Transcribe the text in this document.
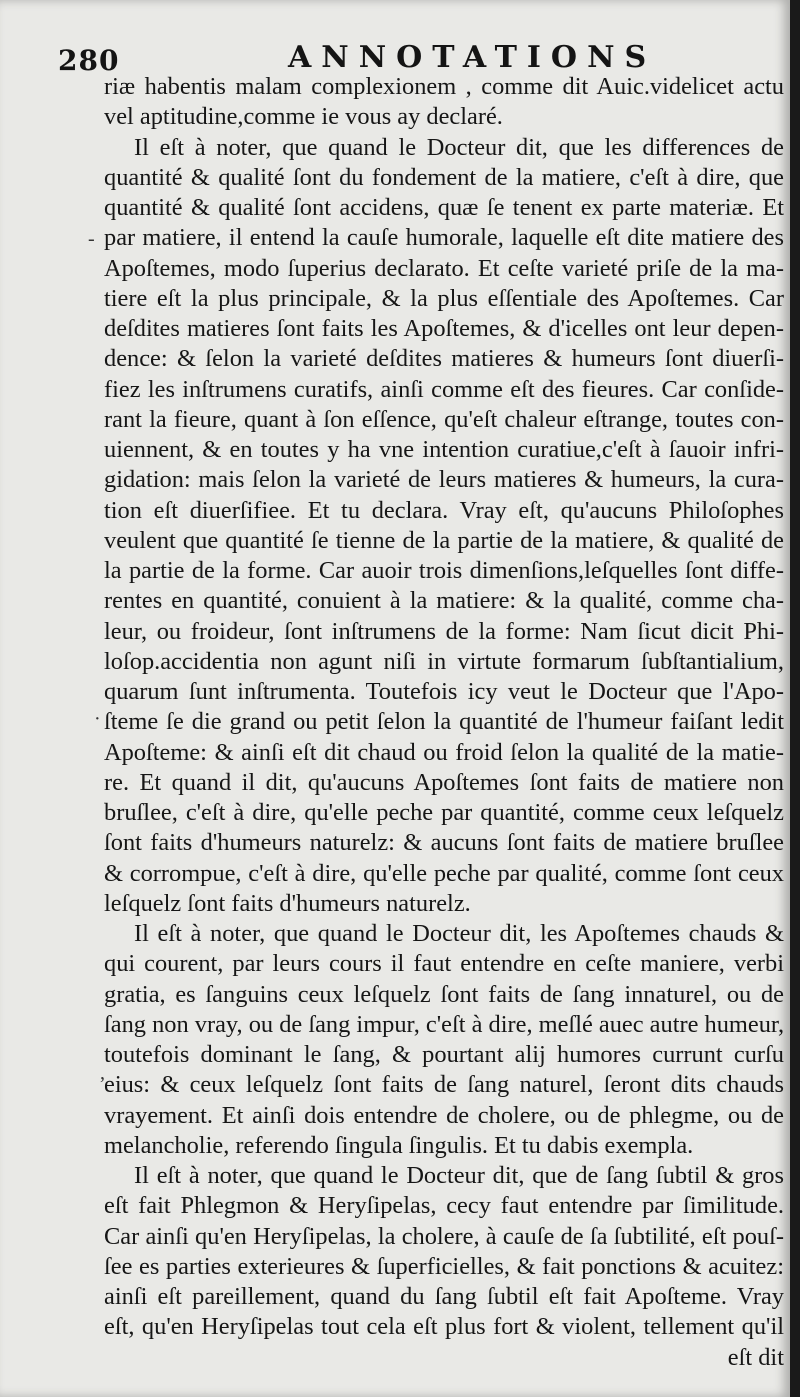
280	ANNOTATIONS
riæ habentis malam complexionem , comme dit Auic.videlicet actu
vel aptitudine,comme ie vous ay declaré.
Il eſt à noter, que quand le Docteur dit, que les differences de
quantité & qualité ſont du fondement de la matiere, c'eſt à dire, que
quantité & qualité ſont accidens, quæ ſe tenent ex parte materiæ. Et
par matiere, il entend la cauſe humorale, laquelle eſt dite matiere des
Apoſtemes, modo ſuperius declarato. Et ceſte varieté priſe de la ma-
tiere eſt la plus principale, & la plus eſſentiale des Apoſtemes. Car
deſdites matieres ſont faits les Apoſtemes, & d'icelles ont leur depen-
dence: & ſelon la varieté deſdites matieres & humeurs ſont diuerſi-
fiez les inſtrumens curatifs, ainſi comme eſt des fieures. Car conſide-
rant la fieure, quant à ſon eſſence, qu'eſt chaleur eſtrange, toutes con-
uiennent, & en toutes y ha vne intention curatiue,c'eſt à ſauoir infri-
gidation: mais ſelon la varieté de leurs matieres & humeurs, la cura-
tion eſt diuerſifiee. Et tu declara. Vray eſt, qu'aucuns Philoſophes
veulent que quantité ſe tienne de la partie de la matiere, & qualité de
la partie de la forme. Car auoir trois dimenſions,leſquelles ſont diffe-
rentes en quantité, conuient à la matiere: & la qualité, comme cha-
leur, ou froideur, ſont inſtrumens de la forme: Nam ſicut dicit Phi-
loſop.accidentia non agunt niſi in virtute formarum ſubſtantialium,
quarum ſunt inſtrumenta. Toutefois icy veut le Docteur que l'Apo-
ſteme ſe die grand ou petit ſelon la quantité de l'humeur faiſant ledit
Apoſteme: & ainſi eſt dit chaud ou froid ſelon la qualité de la matie-
re. Et quand il dit, qu'aucuns Apoſtemes ſont faits de matiere non
bruſlee, c'eſt à dire, qu'elle peche par quantité, comme ceux leſquelz
ſont faits d'humeurs naturelz: & aucuns ſont faits de matiere bruſlee
& corrompue, c'eſt à dire, qu'elle peche par qualité, comme ſont ceux
leſquelz ſont faits d'humeurs naturelz.
Il eſt à noter, que quand le Docteur dit, les Apoſtemes chauds &
qui courent, par leurs cours il faut entendre en ceſte maniere, verbi
gratia, es ſanguins ceux leſquelz ſont faits de ſang innaturel, ou de
ſang non vray, ou de ſang impur, c'eſt à dire, meſlé auec autre humeur,
toutefois dominant le ſang, & pourtant alij humores currunt curſu
eius: & ceux leſquelz ſont faits de ſang naturel, ſeront dits chauds
vrayement. Et ainſi dois entendre de cholere, ou de phlegme, ou de
melancholie, referendo ſingula ſingulis. Et tu dabis exempla.
Il eſt à noter, que quand le Docteur dit, que de ſang ſubtil & gros
eſt fait Phlegmon & Heryſipelas, cecy faut entendre par ſimilitude.
Car ainſi qu'en Heryſipelas, la cholere, à cauſe de ſa ſubtilité, eſt pouſ-
ſee es parties exterieures & ſuperficielles, & fait ponctions & acuitez:
ainſi eſt pareillement, quand du ſang ſubtil eſt fait Apoſteme. Vray
eſt, qu'en Heryſipelas tout cela eſt plus fort & violent, tellement qu'il
eſt dit
‐
·
,
